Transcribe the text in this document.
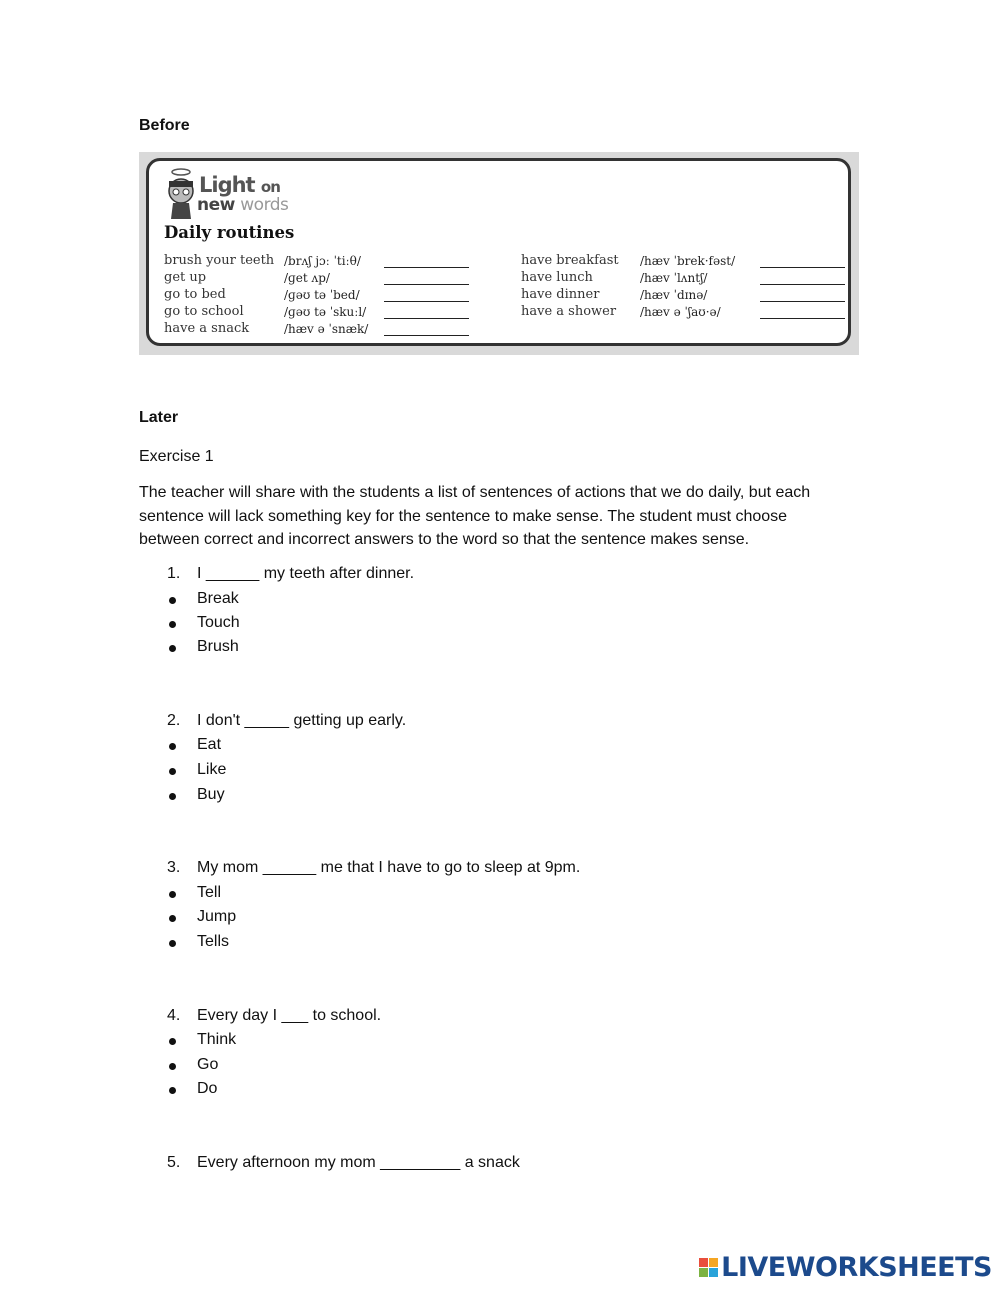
Before
Light on
new words
Daily routines
brush your teeth /brʌʃ jɔː ˈtiːθ/
get up	/ɡet ʌp/
go to bed	/ɡəʊ tə ˈbed/
go to school	/ɡəʊ tə ˈskuːl/
have a snack	/hæv ə ˈsnæk/
have breakfast /hæv ˈbrek·fəst/
have lunch	/hæv ˈlʌntʃ/
have dinner	/hæv ˈdɪnə/
have a shower /hæv ə ˈʃaʊ·ə/
Later
Exercise 1
The teacher will share with the students a list of sentences of actions that we do daily, but each
sentence will lack something key for the sentence to make sense. The student must choose
between correct and incorrect answers to the word so that the sentence makes sense.
1. I ______ my teeth after dinner.
Break
Touch
Brush
2. I don't _____ getting up early.
Eat
Like
Buy
3. My mom ______ me that I have to go to sleep at 9pm.
Tell
Jump
Tells
4. Every day I ___ to school.
Think
Go
Do
5. Every afternoon my mom _________ a snack
LIVEWORKSHEETS
